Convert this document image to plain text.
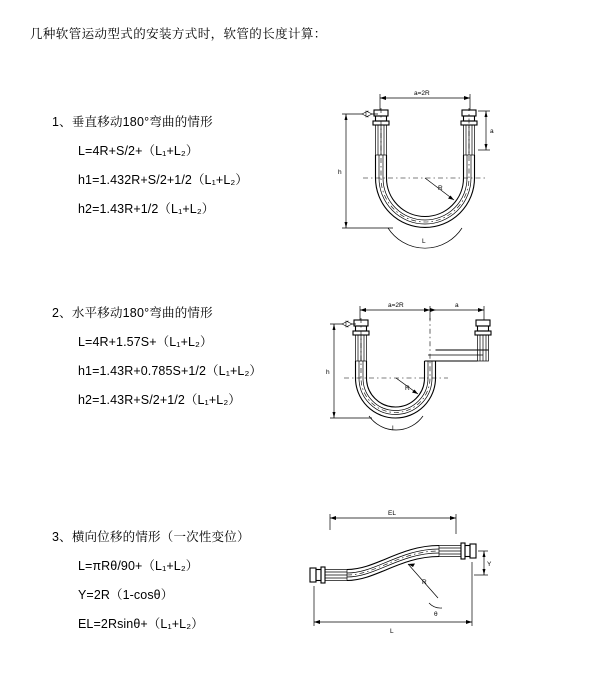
几种软管运动型式的安装方式时，软管的长度计算：
1、垂直移动180°弯曲的情形
L=4R+S/2+（L₁+L₂）
h1=1.432R+S/2+1/2（L₁+L₂）
h2=1.43R+1/2（L₁+L₂）
a=2R
R
L
h
a
2、水平移动180°弯曲的情形
L=4R+1.57S+（L₁+L₂）
h1=1.43R+0.785S+1/2（L₁+L₂）
h2=1.43R+S/2+1/2（L₁+L₂）
a=2R	a
R
h
L
3、横向位移的情形（一次性变位）
L=πRθ/90+（L₁+L₂）
Y=2R（1-cosθ）
EL=2Rsinθ+（L₁+L₂）
EL
R
θ
Y
L
